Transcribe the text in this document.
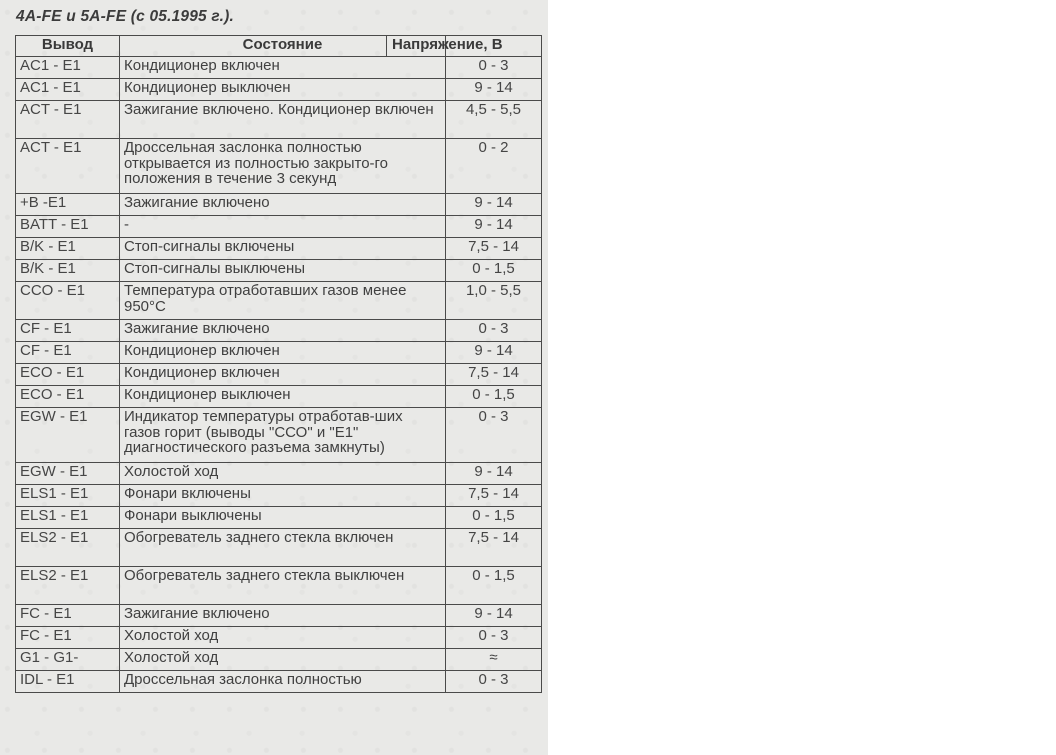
4A-FE и 5A-FE (с 05.1995 г.).
Вывод	Состояние	Напряжение, В
AC1 - E1	Кондиционер включен	0 - 3
AC1 - E1	Кондиционер выключен	9 - 14
ACT - E1	Зажигание включено. Кондиционер включен	4,5 - 5,5
ACT - E1	Дроссельная заслонка полностью открывается из полностью закрыто-го положения в течение 3 секунд	0 - 2
+B -E1	Зажигание включено	9 - 14
BATT - E1	-	9 - 14
B/K - E1	Стоп-сигналы включены	7,5 - 14
B/K - E1	Стоп-сигналы выключены	0 - 1,5
CCO - E1	Температура отработавших газов менее 950°С	1,0 - 5,5
CF - E1	Зажигание включено	0 - 3
CF - E1	Кондиционер включен	9 - 14
ECO - E1	Кондиционер включен	7,5 - 14
ECO - E1	Кондиционер выключен	0 - 1,5
EGW - E1	Индикатор температуры отработав-ших газов горит (выводы "ССО" и "Е1" диагностического разъема замкнуты)	0 - 3
EGW - E1	Холостой ход	9 - 14
ELS1 - E1	Фонари включены	7,5 - 14
ELS1 - E1	Фонари выключены	0 - 1,5
ELS2 - E1	Обогреватель заднего стекла включен	7,5 - 14
ELS2 - E1	Обогреватель заднего стекла выключен	0 - 1,5
FC - E1	Зажигание включено	9 - 14
FC - E1	Холостой ход	0 - 3
G1 - G1-	Холостой ход	≈
IDL - E1	Дроссельная заслонка полностью	0 - 3
